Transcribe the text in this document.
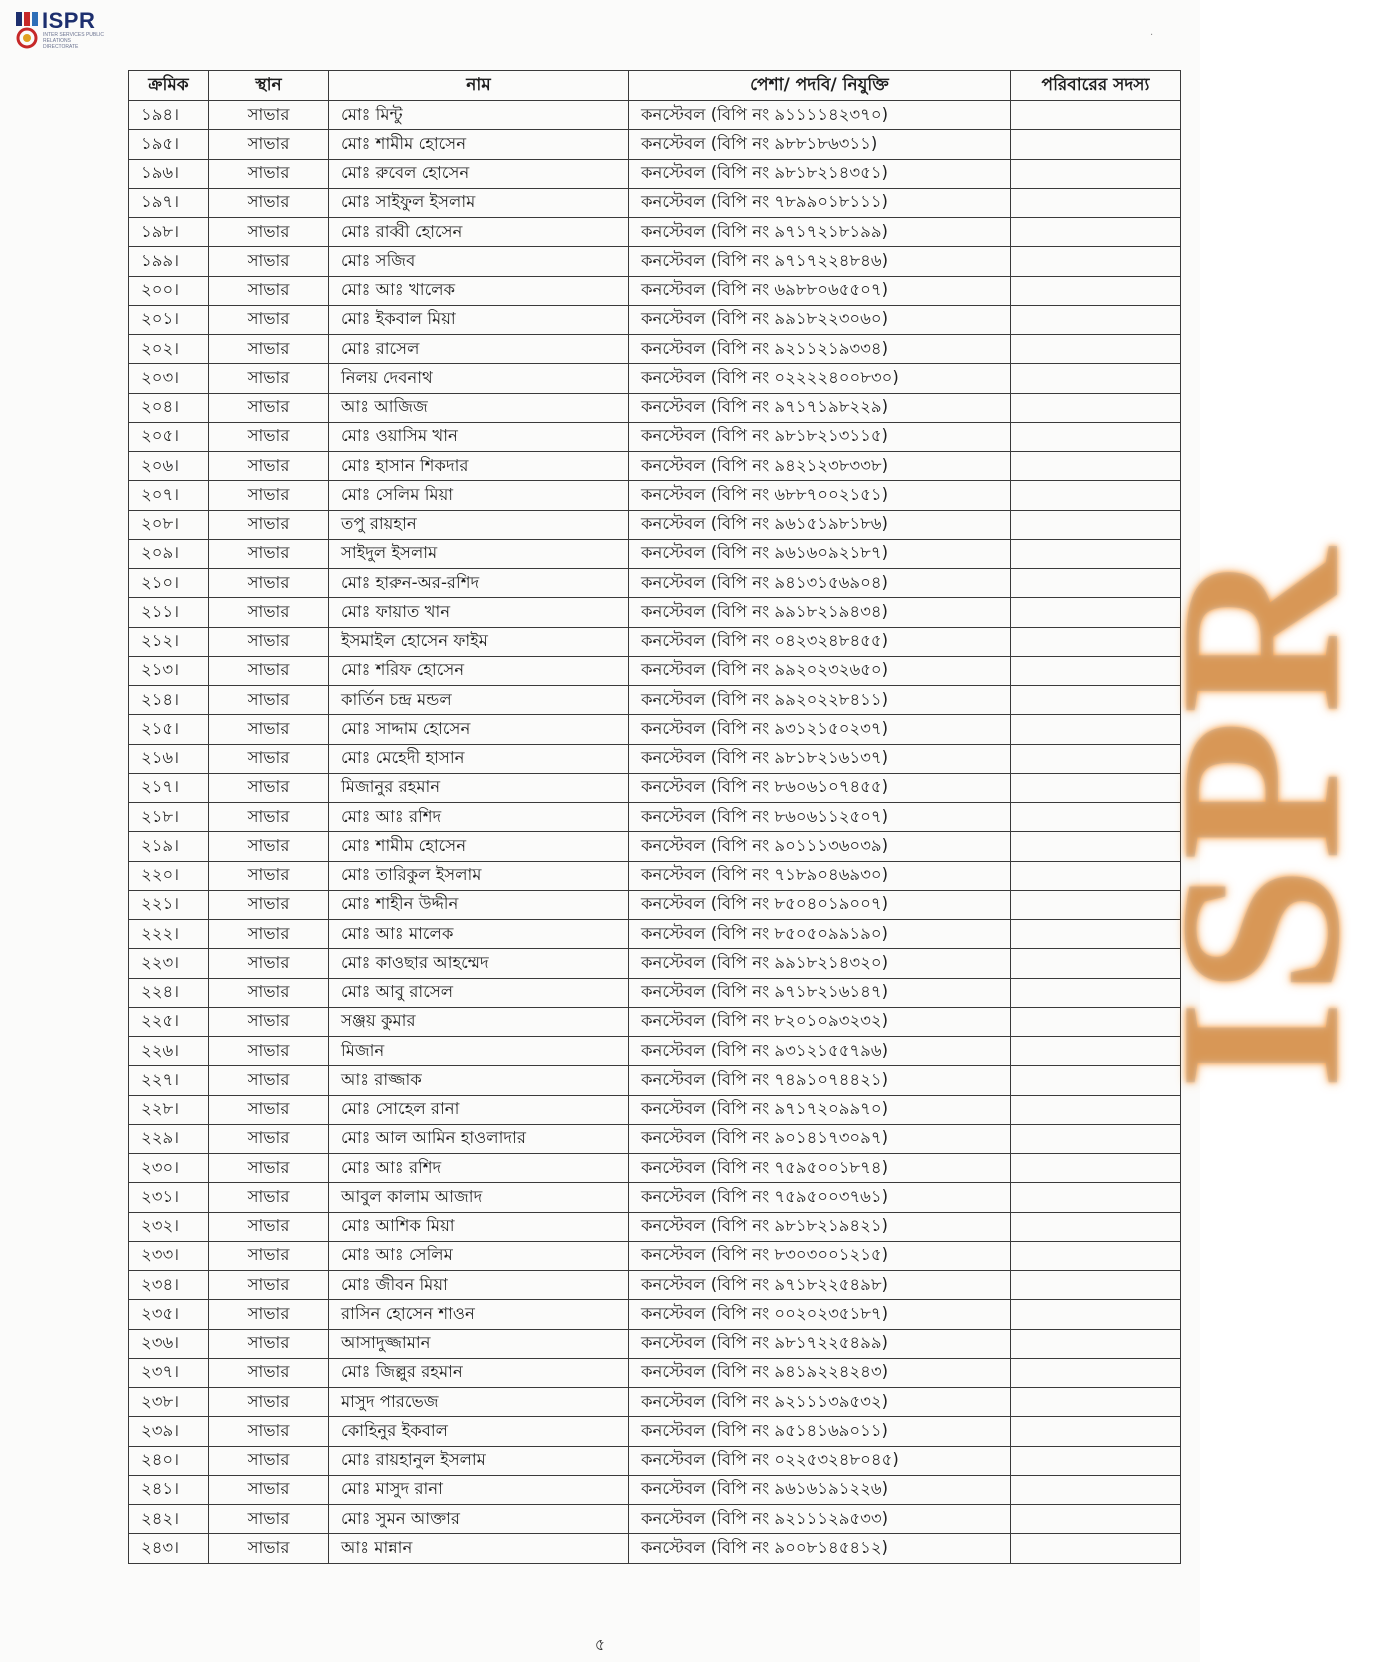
ISPR
INTER SERVICES PUBLIC RELATIONS DIRECTORATE
·
ক্রমিক	স্থান	নাম	পেশা/ পদবি/ নিযুক্তি	পরিবারের সদস্য
১৯৪।	সাভার	মোঃ মিন্টু	কনস্টেবল (বিপি নং ৯১১১১৪২৩৭০)	
১৯৫।	সাভার	মোঃ শামীম হোসেন	কনস্টেবল (বিপি নং ৯৮৮১৮৬৩১১)	
১৯৬।	সাভার	মোঃ রুবেল হোসেন	কনস্টেবল (বিপি নং ৯৮১৮২১৪৩৫১)	
১৯৭।	সাভার	মোঃ সাইফুল ইসলাম	কনস্টেবল (বিপি নং ৭৮৯৯০১৮১১১)	
১৯৮।	সাভার	মোঃ রাব্বী হোসেন	কনস্টেবল (বিপি নং ৯৭১৭২১৮১৯৯)	
১৯৯।	সাভার	মোঃ সজিব	কনস্টেবল (বিপি নং ৯৭১৭২২৪৮৪৬)	
২০০।	সাভার	মোঃ আঃ খালেক	কনস্টেবল (বিপি নং ৬৯৮৮০৬৫৫০৭)	
২০১।	সাভার	মোঃ ইকবাল মিয়া	কনস্টেবল (বিপি নং ৯৯১৮২২৩০৬০)	
২০২।	সাভার	মোঃ রাসেল	কনস্টেবল (বিপি নং ৯২১১২১৯৩৩৪)	
২০৩।	সাভার	নিলয় দেবনাথ	কনস্টেবল (বিপি নং ০২২২২৪০০৮৩০)	
২০৪।	সাভার	আঃ আজিজ	কনস্টেবল (বিপি নং ৯৭১৭১৯৮২২৯)	
২০৫।	সাভার	মোঃ ওয়াসিম খান	কনস্টেবল (বিপি নং ৯৮১৮২১৩১১৫)	
২০৬।	সাভার	মোঃ হাসান শিকদার	কনস্টেবল (বিপি নং ৯৪২১২৩৮৩৩৮)	
২০৭।	সাভার	মোঃ সেলিম মিয়া	কনস্টেবল (বিপি নং ৬৮৮৭০০২১৫১)	
২০৮।	সাভার	তপু রায়হান	কনস্টেবল (বিপি নং ৯৬১৫১৯৮১৮৬)	
২০৯।	সাভার	সাইদুল ইসলাম	কনস্টেবল (বিপি নং ৯৬১৬০৯২১৮৭)	
২১০।	সাভার	মোঃ হারুন-অর-রশিদ	কনস্টেবল (বিপি নং ৯৪১৩১৫৬৯০৪)	
২১১।	সাভার	মোঃ ফায়াত খান	কনস্টেবল (বিপি নং ৯৯১৮২১৯৪৩৪)	
২১২।	সাভার	ইসমাইল হোসেন ফাইম	কনস্টেবল (বিপি নং ০৪২৩২৪৮৪৫৫)	
২১৩।	সাভার	মোঃ শরিফ হোসেন	কনস্টেবল (বিপি নং ৯৯২০২৩২৬৫০)	
২১৪।	সাভার	কার্তিন চন্দ্র মন্ডল	কনস্টেবল (বিপি নং ৯৯২০২২৮৪১১)	
২১৫।	সাভার	মোঃ সাদ্দাম হোসেন	কনস্টেবল (বিপি নং ৯৩১২১৫০২৩৭)	
২১৬।	সাভার	মোঃ মেহেদী হাসান	কনস্টেবল (বিপি নং ৯৮১৮২১৬১৩৭)	
২১৭।	সাভার	মিজানুর রহমান	কনস্টেবল (বিপি নং ৮৬০৬১০৭৪৫৫)	
২১৮।	সাভার	মোঃ আঃ রশিদ	কনস্টেবল (বিপি নং ৮৬০৬১১২৫০৭)	
২১৯।	সাভার	মোঃ শামীম হোসেন	কনস্টেবল (বিপি নং ৯০১১১৩৬০৩৯)	
২২০।	সাভার	মোঃ তারিকুল ইসলাম	কনস্টেবল (বিপি নং ৭১৮৯০৪৬৯৩০)	
২২১।	সাভার	মোঃ শাহীন উদ্দীন	কনস্টেবল (বিপি নং ৮৫০৪০১৯০০৭)	
২২২।	সাভার	মোঃ আঃ মালেক	কনস্টেবল (বিপি নং ৮৫০৫০৯৯১৯০)	
২২৩।	সাভার	মোঃ কাওছার আহম্মেদ	কনস্টেবল (বিপি নং ৯৯১৮২১৪৩২০)	
২২৪।	সাভার	মোঃ আবু রাসেল	কনস্টেবল (বিপি নং ৯৭১৮২১৬১৪৭)	
২২৫।	সাভার	সঞ্জয় কুমার	কনস্টেবল (বিপি নং ৮২০১০৯৩২৩২)	
২২৬।	সাভার	মিজান	কনস্টেবল (বিপি নং ৯৩১২১৫৫৭৯৬)	
২২৭।	সাভার	আঃ রাজ্জাক	কনস্টেবল (বিপি নং ৭৪৯১০৭৪৪২১)	
২২৮।	সাভার	মোঃ সোহেল রানা	কনস্টেবল (বিপি নং ৯৭১৭২০৯৯৭০)	
২২৯।	সাভার	মোঃ আল আমিন হাওলাদার	কনস্টেবল (বিপি নং ৯০১৪১৭৩০৯৭)	
২৩০।	সাভার	মোঃ আঃ রশিদ	কনস্টেবল (বিপি নং ৭৫৯৫০০১৮৭৪)	
২৩১।	সাভার	আবুল কালাম আজাদ	কনস্টেবল (বিপি নং ৭৫৯৫০০৩৭৬১)	
২৩২।	সাভার	মোঃ আশিক মিয়া	কনস্টেবল (বিপি নং ৯৮১৮২১৯৪২১)	
২৩৩।	সাভার	মোঃ আঃ সেলিম	কনস্টেবল (বিপি নং ৮৩০৩০০১২১৫)	
২৩৪।	সাভার	মোঃ জীবন মিয়া	কনস্টেবল (বিপি নং ৯৭১৮২২৫৪৯৮)	
২৩৫।	সাভার	রাসিন হোসেন শাওন	কনস্টেবল (বিপি নং ০০২০২৩৫১৮৭)	
২৩৬।	সাভার	আসাদুজ্জামান	কনস্টেবল (বিপি নং ৯৮১৭২২৫৪৯৯)	
২৩৭।	সাভার	মোঃ জিল্লুর রহমান	কনস্টেবল (বিপি নং ৯৪১৯২২৪২৪৩)	
২৩৮।	সাভার	মাসুদ পারভেজ	কনস্টেবল (বিপি নং ৯২১১১৩৯৫৩২)	
২৩৯।	সাভার	কোহিনুর ইকবাল	কনস্টেবল (বিপি নং ৯৫১৪১৬৯০১১)	
২৪০।	সাভার	মোঃ রায়হানুল ইসলাম	কনস্টেবল (বিপি নং ০২২৫৩২৪৮০৪৫)	
২৪১।	সাভার	মোঃ মাসুদ রানা	কনস্টেবল (বিপি নং ৯৬১৬১৯১২২৬)	
২৪২।	সাভার	মোঃ সুমন আক্তার	কনস্টেবল (বিপি নং ৯২১১১২৯৫৩৩)	
২৪৩।	সাভার	আঃ মান্নান	কনস্টেবল (বিপি নং ৯০০৮১৪৫৪১২)	
ISPR
৫
